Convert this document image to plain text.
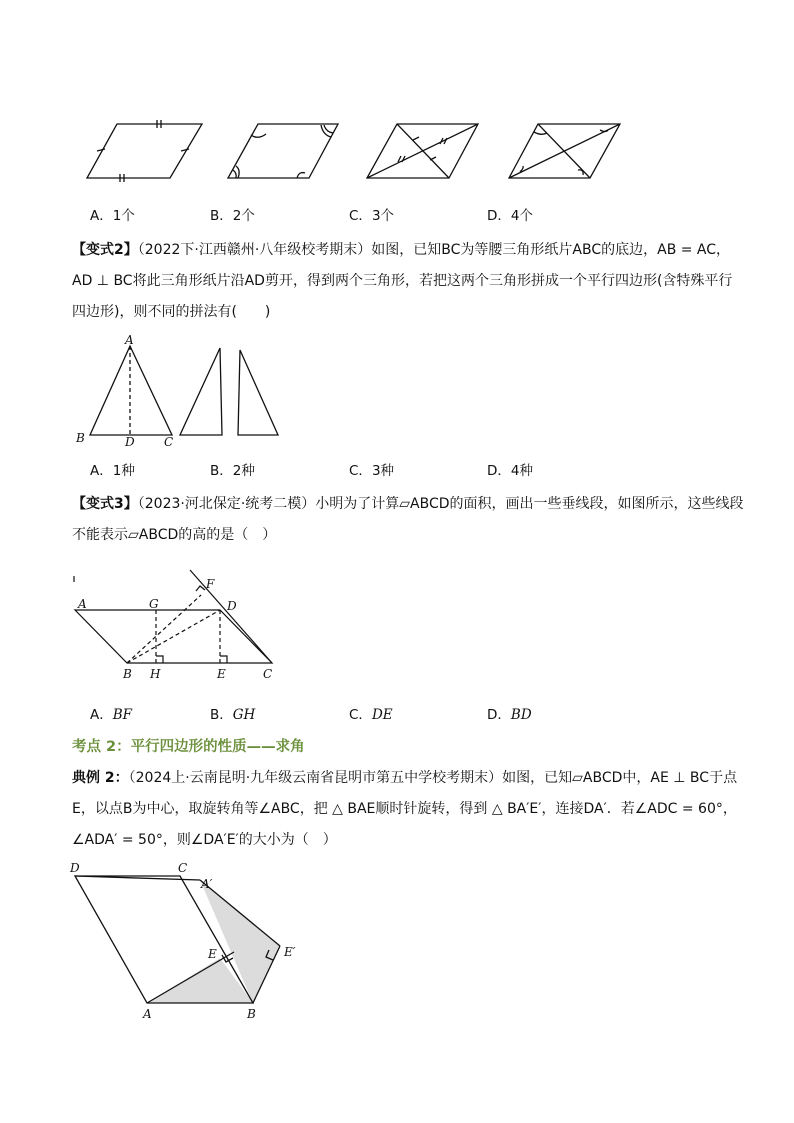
A．1个	B．2个	C．3个	D．4个
【变式2】（2022下·江西赣州·八年级校考期末）如图，已知BC为等腰三角形纸片ABC的底边，AB = AC，
AD ⊥ BC将此三角形纸片沿AD剪开，得到两个三角形，若把这两个三角形拼成一个平行四边形(含特殊平行
四边形)，则不同的拼法有(　　)
A
B	D C
A．1种	B．2种	C．3种	D．4种
【变式3】（2023·河北保定·统考二模）小明为了计算▱ABCD的面积，画出一些垂线段，如图所示，这些线段
不能表示▱ABCD的高的是（　）
A	G	D
F
B H	E	C
A．BF	B．GH	C．DE	D．BD
考点 2：平行四边形的性质——求角
典例 2：（2024上·云南昆明·九年级云南省昆明市第五中学校考期末）如图，已知▱ABCD中，AE ⊥ BC于点
E，以点B为中心，取旋转角等∠ABC，把 △ BAE顺时针旋转，得到 △ BA′E′，连接DA′．若∠ADC = 60°，
∠ADA′ = 50°，则∠DA′E′的大小为（　）
D	C
A′
E	E′
A	B
